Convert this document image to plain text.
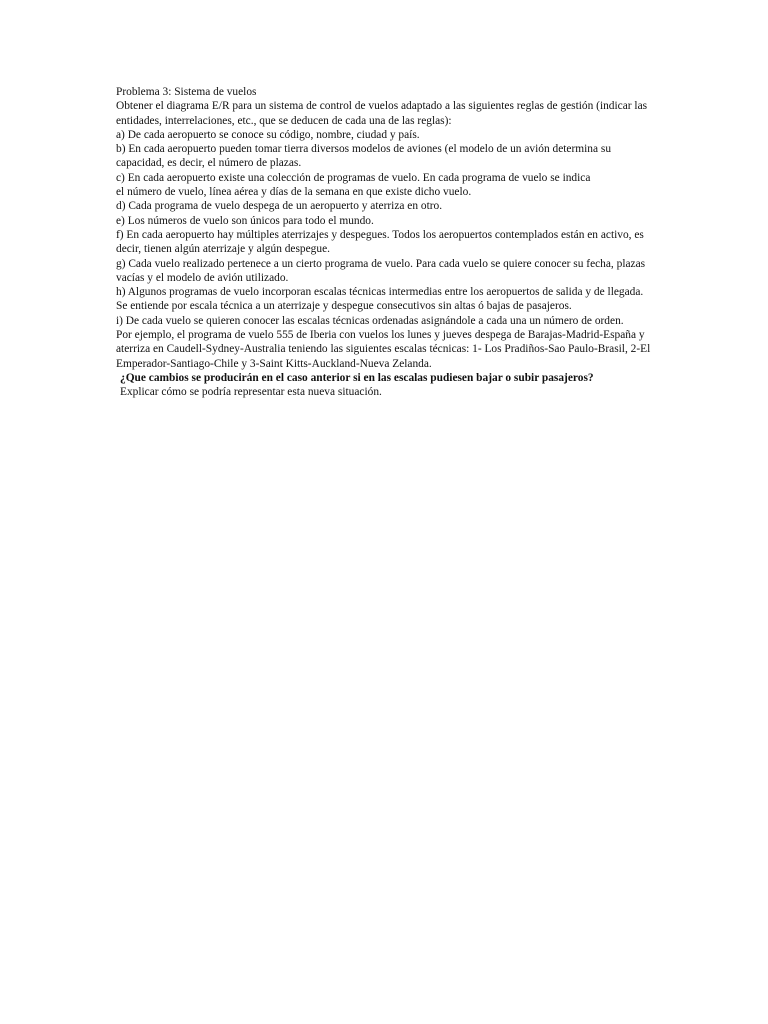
Problema 3: Sistema de vuelos

Obtener el diagrama E/R para un sistema de control de vuelos adaptado a las siguientes reglas de gestión (indicar las entidades, interrelaciones, etc., que se deducen de cada una de las reglas):

a) De cada aeropuerto se conoce su código, nombre, ciudad y país.

b) En cada aeropuerto pueden tomar tierra diversos modelos de aviones (el modelo de un avión determina su capacidad, es decir, el número de plazas.

c) En cada aeropuerto existe una colección de programas de vuelo. En cada programa de vuelo se indica

el número de vuelo, línea aérea y días de la semana en que existe dicho vuelo.

d) Cada programa de vuelo despega de un aeropuerto y aterriza en otro.

e) Los números de vuelo son únicos para todo el mundo.

f) En cada aeropuerto hay múltiples aterrizajes y despegues. Todos los aeropuertos contemplados están en activo, es decir, tienen algún aterrizaje y algún despegue.

g) Cada vuelo realizado pertenece a un cierto programa de vuelo. Para cada vuelo se quiere conocer su fecha, plazas vacías y el modelo de avión utilizado.

h) Algunos programas de vuelo incorporan escalas técnicas intermedias entre los aeropuertos de salida y de llegada. Se entiende por escala técnica a un aterrizaje y despegue consecutivos sin altas ó bajas de pasajeros.

i) De cada vuelo se quieren conocer las escalas técnicas ordenadas asignándole a cada una un número de orden.

Por ejemplo, el programa de vuelo 555 de Iberia con vuelos los lunes y jueves despega de Barajas-Madrid-España y aterriza en Caudell-Sydney-Australia teniendo las siguientes escalas técnicas: 1- Los Pradiños-Sao Paulo-Brasil, 2-El Emperador-Santiago-Chile y 3-Saint Kitts-Auckland-Nueva Zelanda.

¿Que cambios se producirán en el caso anterior si en las escalas pudiesen bajar o subir pasajeros?

Explicar cómo se podría representar esta nueva situación.
